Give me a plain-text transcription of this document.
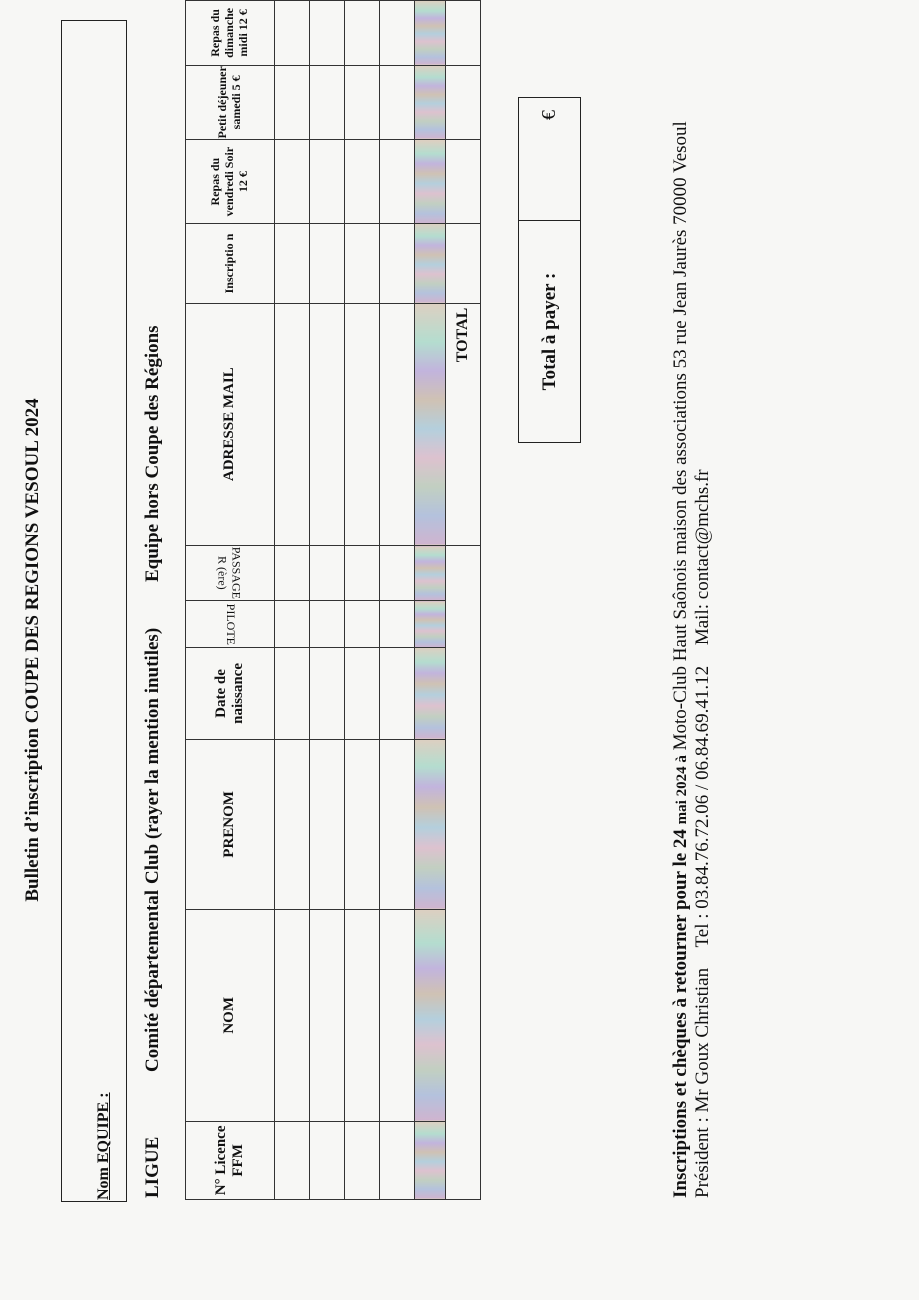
Bulletin d’inscription COUPE DES REGIONS VESOUL 2024
Nom EQUIPE : LIGUE
Comité départemental
Club (rayer la mention inutiles)
Equipe hors Coupe des Régions
N° Licence FFM	NOM	PRENOM	Date de naissance	PILOTE	PASSAGE R (ère)	ADRESSE MAIL	Inscriptio n	Repas du vendredi Soir 12 €	Petit déjeuner samedi 5 €	Repas du dimanche midi 12 €

						TOTAL					Total à payer :
€
Inscriptions et chèques à retourner pour le 24 mai 2024 à Moto-Club Haut Saônois maison des associations 53 rue Jean Jaurès 70000 Vesoul
Président : Mr Goux Christian Tel : 03.84.76.72.06 / 06.84.69.41.12 Mail: contact@mchs.fr
